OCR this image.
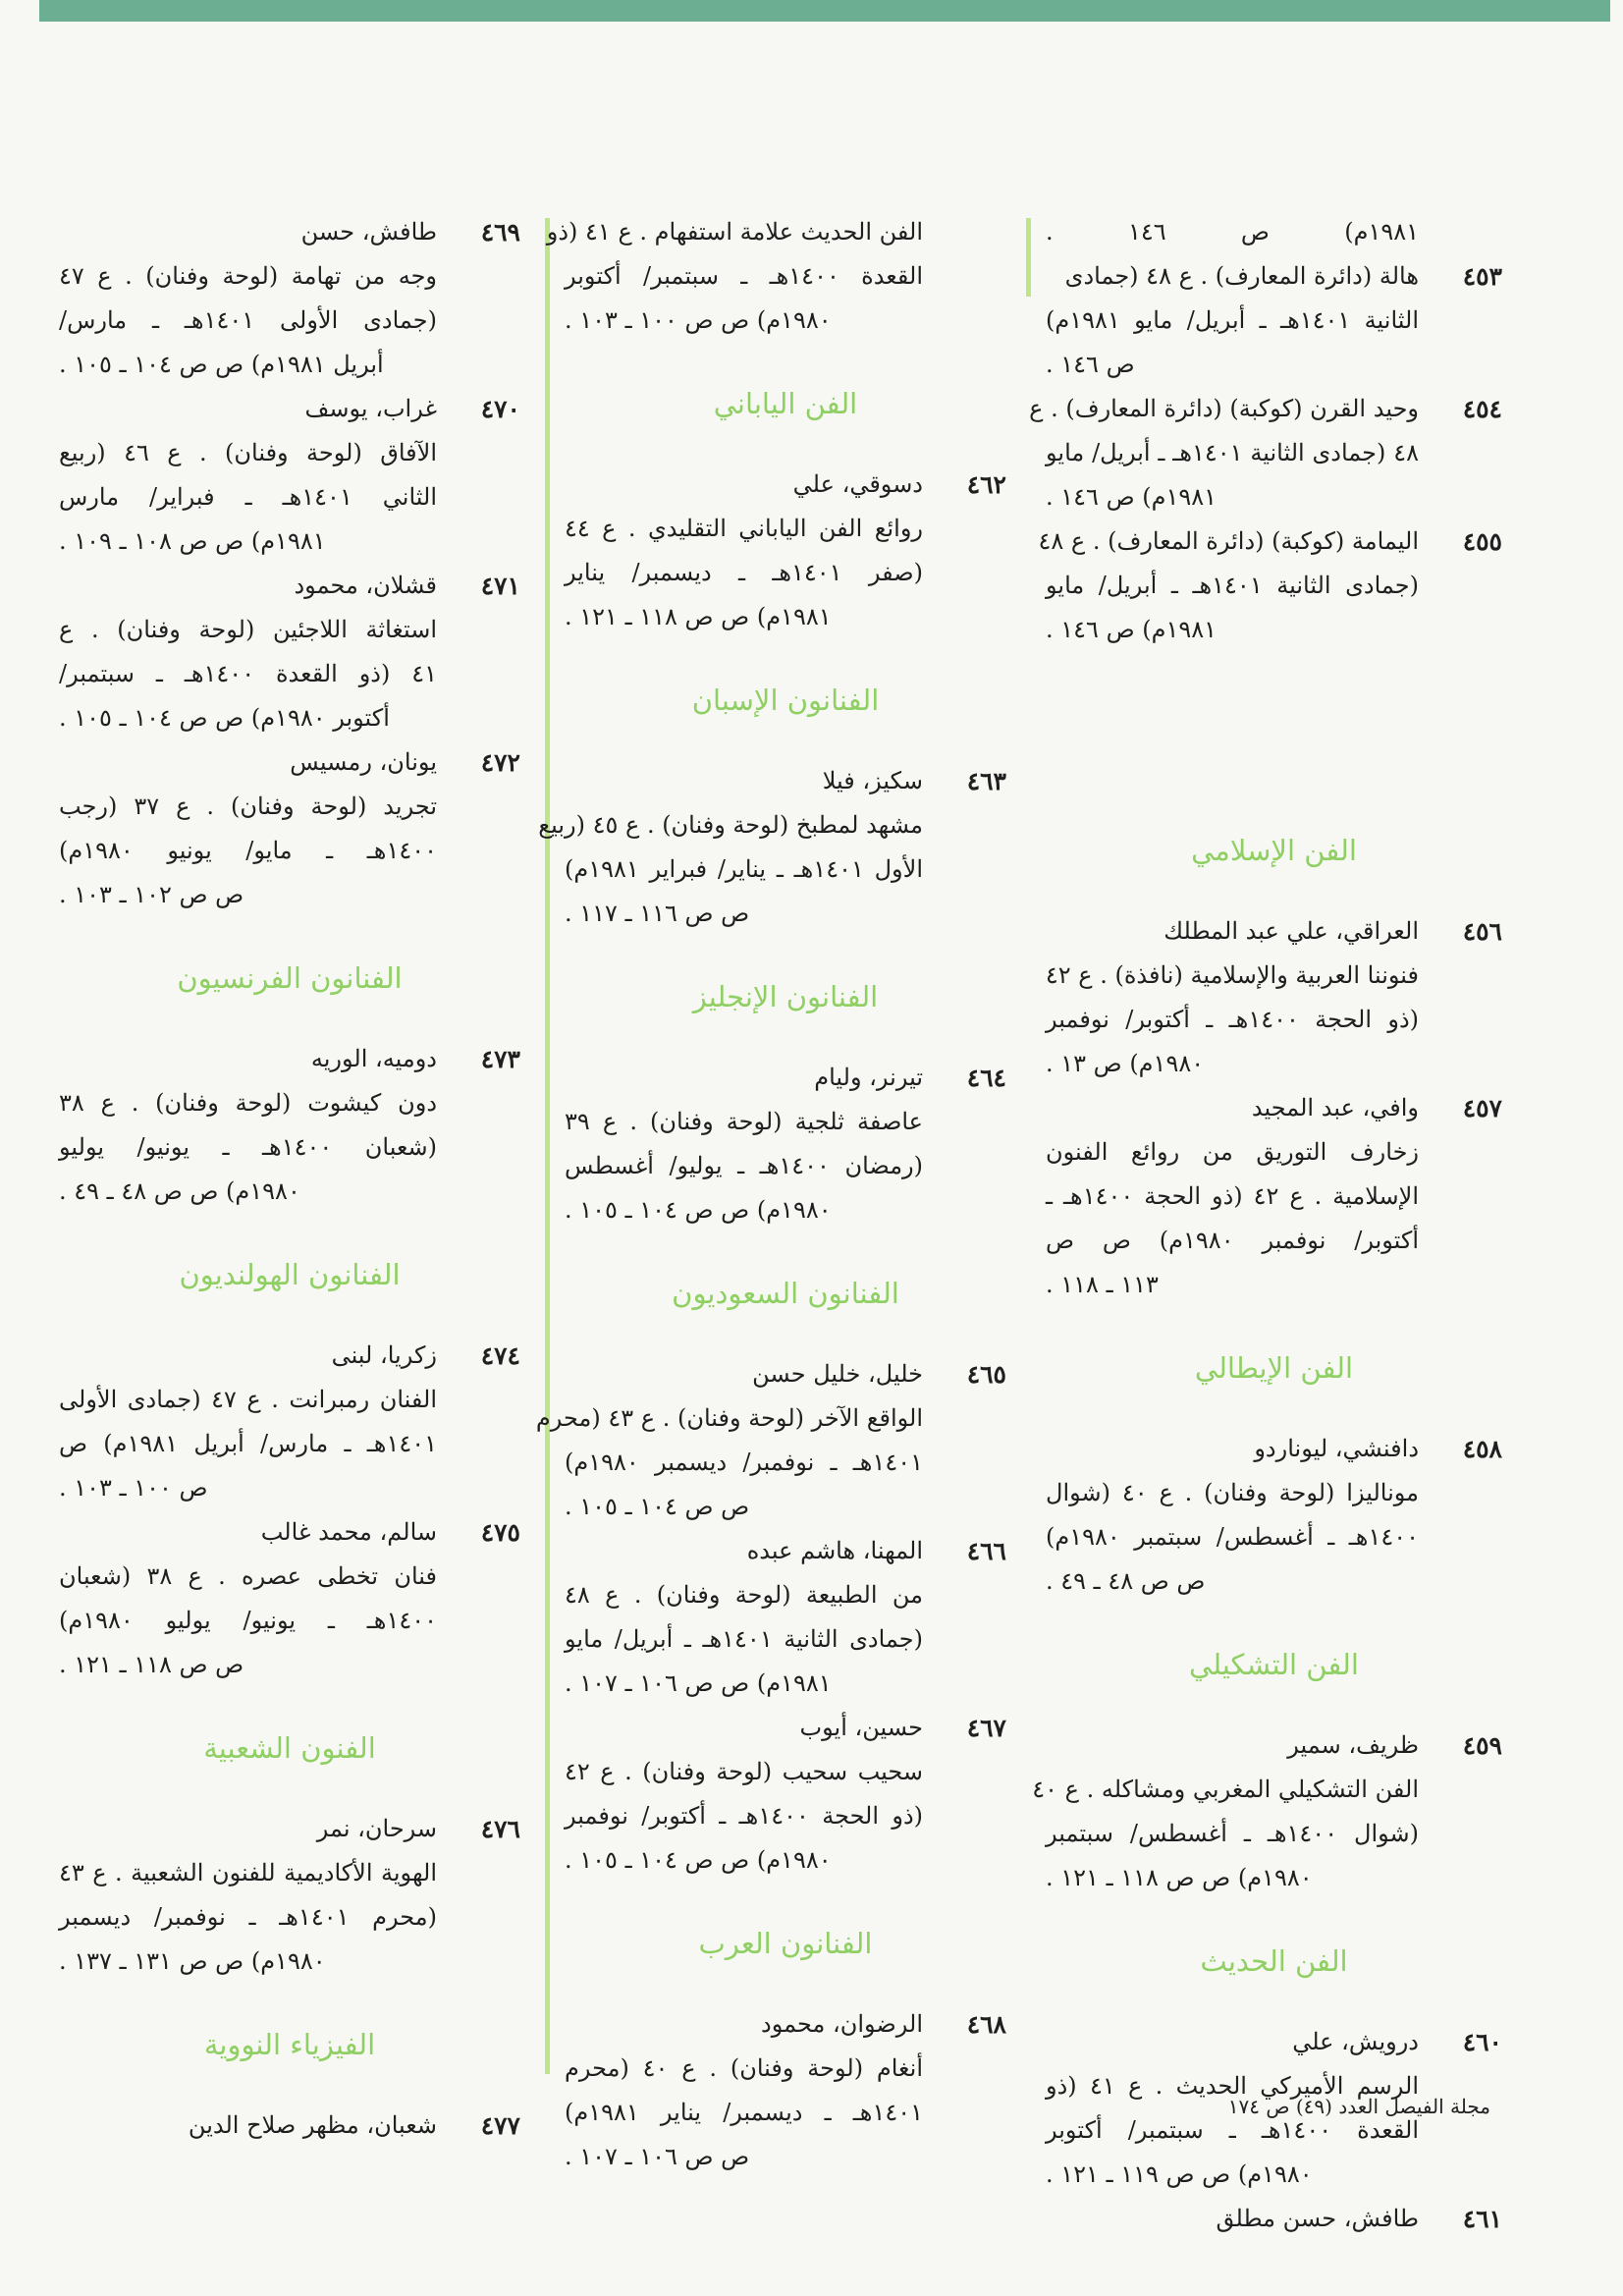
١٩٨١م) ص ١٤٦ .
٤٥٣
هالة (دائرة المعارف) . ع ٤٨ (جمادى
الثانية ١٤٠١هـ ـ أبريل/ مايو ١٩٨١م)
ص ١٤٦ .
٤٥٤
وحيد القرن (كوكبة) (دائرة المعارف) . ع
٤٨ (جمادى الثانية ١٤٠١هـ ـ أبريل/ مايو
١٩٨١م) ص ١٤٦ .
٤٥٥
اليمامة (كوكبة) (دائرة المعارف) . ع ٤٨
(جمادى الثانية ١٤٠١هـ ـ أبريل/ مايو
١٩٨١م) ص ١٤٦ .
الفن الإسلامي
٤٥٦
العراقي، علي عبد المطلك
فنوننا العربية والإسلامية (نافذة) . ع ٤٢
(ذو الحجة ١٤٠٠هـ ـ أكتوبر/ نوفمبر
١٩٨٠م) ص ١٣ .
٤٥٧
وافي، عبد المجيد
زخارف التوريق من روائع الفنون
الإسلامية . ع ٤٢ (ذو الحجة ١٤٠٠هـ ـ
أكتوبر/ نوفمبر ١٩٨٠م) ص ص
١١٣ ـ ١١٨ .
الفن الإيطالي
٤٥٨
دافنشي، ليوناردو
موناليزا (لوحة وفنان) . ع ٤٠ (شوال
١٤٠٠هـ ـ أغسطس/ سبتمبر ١٩٨٠م)
ص ص ٤٨ ـ ٤٩ .
الفن التشكيلي
٤٥٩
ظريف، سمير
الفن التشكيلي المغربي ومشاكله . ع ٤٠
(شوال ١٤٠٠هـ ـ أغسطس/ سبتمبر
١٩٨٠م) ص ص ١١٨ ـ ١٢١ .
الفن الحديث
٤٦٠
درويش، علي
الرسم الأميركي الحديث . ع ٤١ (ذو
القعدة ١٤٠٠هـ ـ سبتمبر/ أكتوبر
١٩٨٠م) ص ص ١١٩ ـ ١٢١ .
٤٦١
طافش، حسن مطلق
الفن الحديث علامة استفهام . ع ٤١ (ذو
القعدة ١٤٠٠هـ ـ سبتمبر/ أكتوبر
١٩٨٠م) ص ص ١٠٠ ـ ١٠٣ .
الفن الياباني
٤٦٢
دسوقي، علي
روائع الفن الياباني التقليدي . ع ٤٤
(صفر ١٤٠١هـ ـ ديسمبر/ يناير
١٩٨١م) ص ص ١١٨ ـ ١٢١ .
الفنانون الإسبان
٤٦٣
سكيز، فيلا
مشهد لمطبخ (لوحة وفنان) . ع ٤٥ (ربيع
الأول ١٤٠١هـ ـ يناير/ فبراير ١٩٨١م)
ص ص ١١٦ ـ ١١٧ .
الفنانون الإنجليز
٤٦٤
تيرنر، وليام
عاصفة ثلجية (لوحة وفنان) . ع ٣٩
(رمضان ١٤٠٠هـ ـ يوليو/ أغسطس
١٩٨٠م) ص ص ١٠٤ ـ ١٠٥ .
الفنانون السعوديون
٤٦٥
خليل، خليل حسن
الواقع الآخر (لوحة وفنان) . ع ٤٣ (محرم
١٤٠١هـ ـ نوفمبر/ ديسمبر ١٩٨٠م)
ص ص ١٠٤ ـ ١٠٥ .
٤٦٦
المهنا، هاشم عبده
من الطبيعة (لوحة وفنان) . ع ٤٨
(جمادى الثانية ١٤٠١هـ ـ أبريل/ مايو
١٩٨١م) ص ص ١٠٦ ـ ١٠٧ .
٤٦٧
حسين، أيوب
سحيب سحيب (لوحة وفنان) . ع ٤٢
(ذو الحجة ١٤٠٠هـ ـ أكتوبر/ نوفمبر
١٩٨٠م) ص ص ١٠٤ ـ ١٠٥ .
الفنانون العرب
٤٦٨
الرضوان، محمود
أنغام (لوحة وفنان) . ع ٤٠ (محرم
١٤٠١هـ ـ ديسمبر/ يناير ١٩٨١م)
ص ص ١٠٦ ـ ١٠٧ .
٤٦٩
طافش، حسن
وجه من تهامة (لوحة وفنان) . ع ٤٧
(جمادى الأولى ١٤٠١هـ ـ مارس/
أبريل ١٩٨١م) ص ص ١٠٤ ـ ١٠٥ .
٤٧٠
غراب، يوسف
الآفاق (لوحة وفنان) . ع ٤٦ (ربيع
الثاني ١٤٠١هـ ـ فبراير/ مارس
١٩٨١م) ص ص ١٠٨ ـ ١٠٩ .
٤٧١
قشلان، محمود
استغاثة اللاجئين (لوحة وفنان) . ع
٤١ (ذو القعدة ١٤٠٠هـ ـ سبتمبر/
أكتوبر ١٩٨٠م) ص ص ١٠٤ ـ ١٠٥ .
٤٧٢
يونان، رمسيس
تجريد (لوحة وفنان) . ع ٣٧ (رجب
١٤٠٠هـ ـ مايو/ يونيو ١٩٨٠م)
ص ص ١٠٢ ـ ١٠٣ .
الفنانون الفرنسيون
٤٧٣
دوميه، الوريه
دون كيشوت (لوحة وفنان) . ع ٣٨
(شعبان ١٤٠٠هـ ـ يونيو/ يوليو
١٩٨٠م) ص ص ٤٨ ـ ٤٩ .
الفنانون الهولنديون
٤٧٤
زكريا، لبنى
الفنان رمبرانت . ع ٤٧ (جمادى الأولى
١٤٠١هـ ـ مارس/ أبريل ١٩٨١م) ص
ص ١٠٠ ـ ١٠٣ .
٤٧٥
سالم، محمد غالب
فنان تخطى عصره . ع ٣٨ (شعبان
١٤٠٠هـ ـ يونيو/ يوليو ١٩٨٠م)
ص ص ١١٨ ـ ١٢١ .
الفنون الشعبية
٤٧٦
سرحان، نمر
الهوية الأكاديمية للفنون الشعبية . ع ٤٣
(محرم ١٤٠١هـ ـ نوفمبر/ ديسمبر
١٩٨٠م) ص ص ١٣١ ـ ١٣٧ .
الفيزياء النووية
٤٧٧
شعبان، مظهر صلاح الدين
مجلة الفيصل العدد (٤٩) ص ١٧٤
